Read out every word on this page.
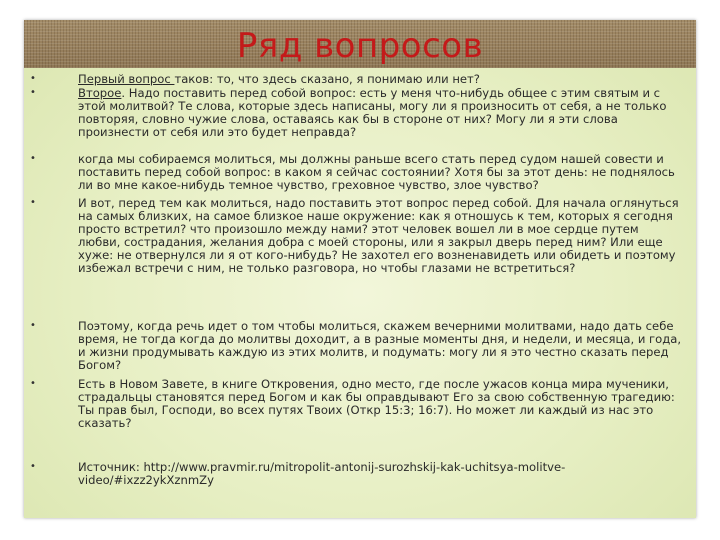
Ряд вопросов
•	Первый вопрос таков: то, что здесь сказано, я понимаю или нет?
•	Второе. Надо поставить перед собой вопрос: есть у меня что-нибудь общее с этим святым и с этой молитвой? Те слова, которые здесь написаны, могу ли я произносить от себя, а не только повторяя, словно чужие слова, оставаясь как бы в стороне от них? Могу ли я эти слова произнести от себя или это будет неправда?
•	когда мы собираемся молиться, мы должны раньше всего стать перед судом нашей совести и поставить перед собой вопрос: в каком я сейчас состоянии? Хотя бы за этот день: не поднялось ли во мне какое-нибудь темное чувство, греховное чувство, злое чувство?
•	И вот, перед тем как молиться, надо поставить этот вопрос перед собой. Для начала оглянуться на самых близких, на самое близкое наше окружение: как я отношусь к тем, которых я сегодня просто встретил? что произошло между нами? этот человек вошел ли в мое сердце путем любви, сострадания, желания добра с моей стороны, или я закрыл дверь перед ним? Или еще хуже: не отвернулся ли я от кого-нибудь? Не захотел его возненавидеть или обидеть и поэтому избежал встречи с ним, не только разговора, но чтобы глазами не встретиться?
•	Поэтому, когда речь идет о том чтобы молиться, скажем вечерними молитвами, надо дать себе время, не тогда когда до молитвы доходит, а в разные моменты дня, и недели, и месяца, и года, и жизни продумывать каждую из этих молитв, и подумать: могу ли я это честно сказать перед Богом?
•	Есть в Новом Завете, в книге Откровения, одно место, где после ужасов конца мира мученики, страдальцы становятся перед Богом и как бы оправдывают Его за свою собственную трагедию: Ты прав был, Господи, во всех путях Твоих (Откр 15:3; 16:7). Но может ли каждый из нас это сказать?
•	Источник: http://www.pravmir.ru/mitropolit-antonij-surozhskij-kak-uchitsya-molitve-video/#ixzz2ykXznmZy
